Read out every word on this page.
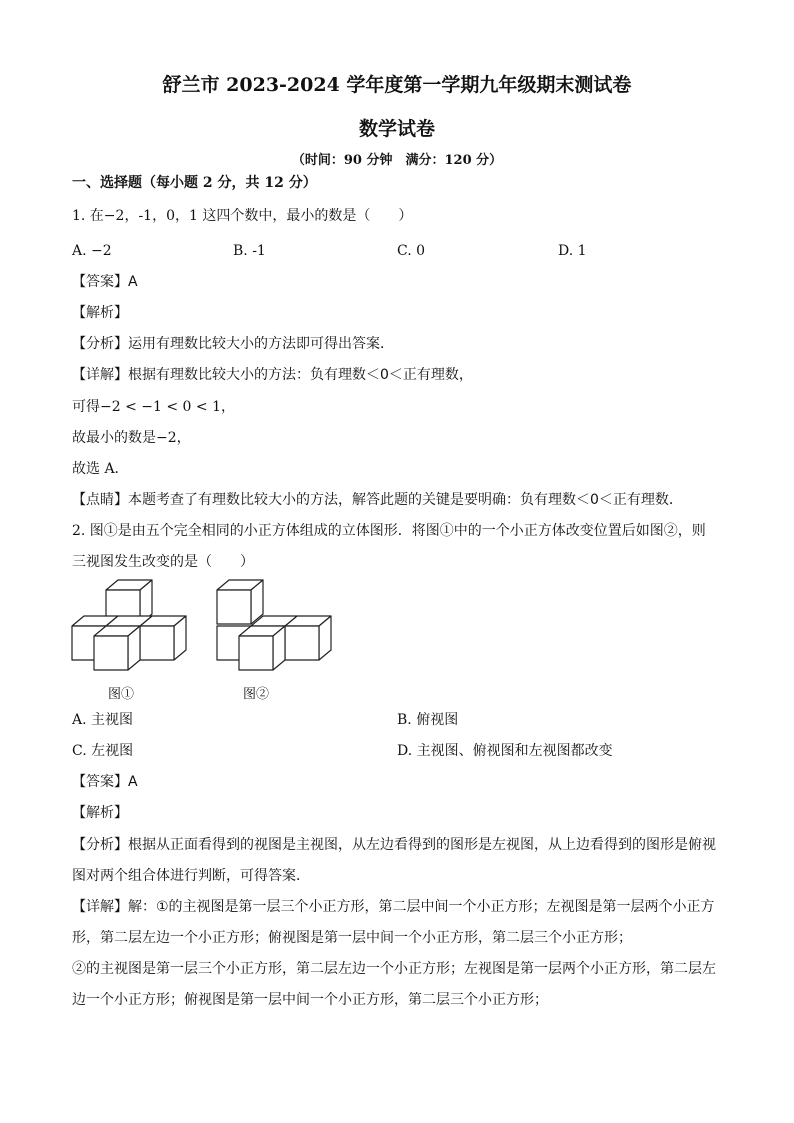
舒兰市 2023-2024 学年度第一学期九年级期末测试卷
数学试卷
（时间：90 分钟　满分：120 分）
一、选择题（每小题 2 分，共 12 分）
1. 在−2，-1，0，1 这四个数中，最小的数是（　　）
A. −2	B. -1	C. 0	D. 1
【答案】A
【解析】
【分析】运用有理数比较大小的方法即可得出答案．
【详解】根据有理数比较大小的方法：负有理数＜0＜正有理数，
可得−2 < −1 < 0 < 1，
故最小的数是−2，
故选 A．
【点睛】本题考查了有理数比较大小的方法，解答此题的关键是要明确：负有理数＜0＜正有理数．
2. 图①是由五个完全相同的小正方体组成的立体图形．将图①中的一个小正方体改变位置后如图②，则
三视图发生改变的是（　　）
图①	图②
A. 主视图	B. 俯视图
C. 左视图	D. 主视图、俯视图和左视图都改变
【答案】A
【解析】
【分析】根据从正面看得到的视图是主视图，从左边看得到的图形是左视图，从上边看得到的图形是俯视
图对两个组合体进行判断，可得答案．
【详解】解：①的主视图是第一层三个小正方形，第二层中间一个小正方形；左视图是第一层两个小正方
形，第二层左边一个小正方形；俯视图是第一层中间一个小正方形，第二层三个小正方形；
②的主视图是第一层三个小正方形，第二层左边一个小正方形；左视图是第一层两个小正方形，第二层左
边一个小正方形；俯视图是第一层中间一个小正方形，第二层三个小正方形；
